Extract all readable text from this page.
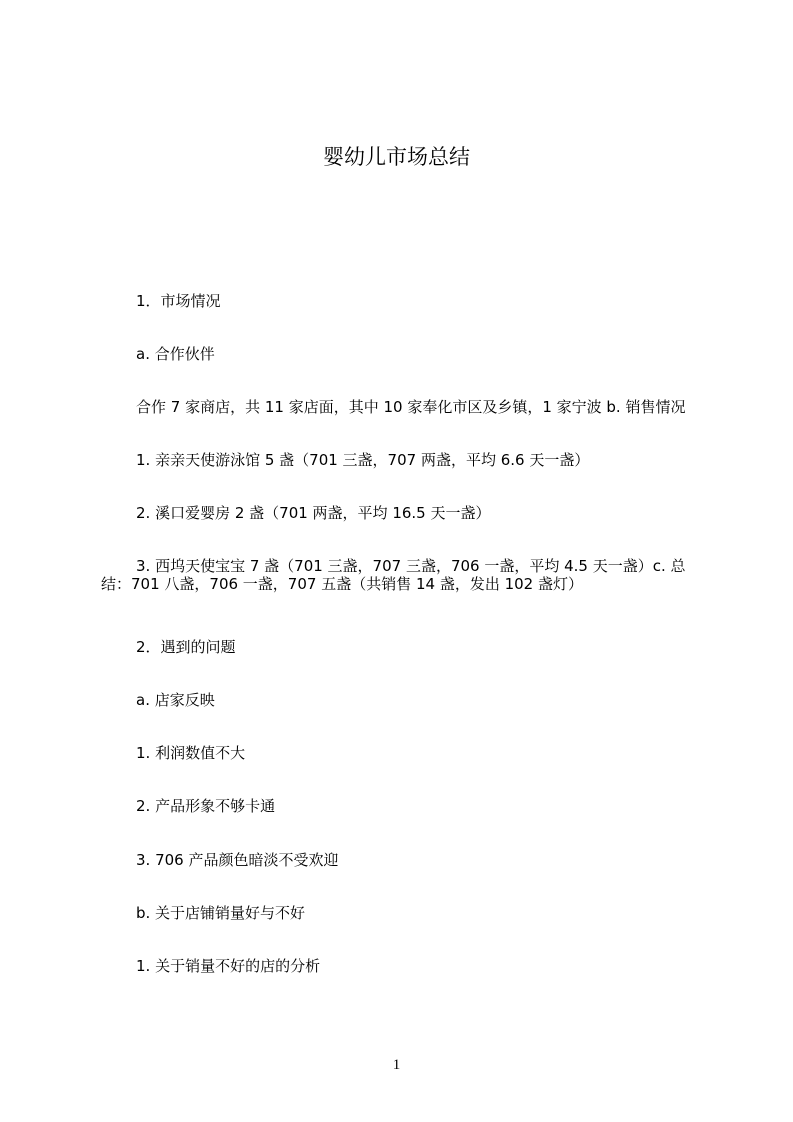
婴幼儿市场总结

1．市场情况

a. 合作伙伴

合作 7 家商店，共 11 家店面，其中 10 家奉化市区及乡镇，1 家宁波 b. 销售情况

1. 亲亲天使游泳馆 5 盏（701 三盏，707 两盏，平均 6.6 天一盏）

2. 溪口爱婴房 2 盏（701 两盏，平均 16.5 天一盏）

3. 西坞天使宝宝 7 盏（701 三盏，707 三盏，706 一盏，平均 4.5 天一盏）c. 总结：701 八盏，706 一盏，707 五盏（共销售 14 盏，发出 102 盏灯）

2．遇到的问题

a. 店家反映

1. 利润数值不大

2. 产品形象不够卡通

3. 706 产品颜色暗淡不受欢迎

b. 关于店铺销量好与不好

1. 关于销量不好的店的分析

1
